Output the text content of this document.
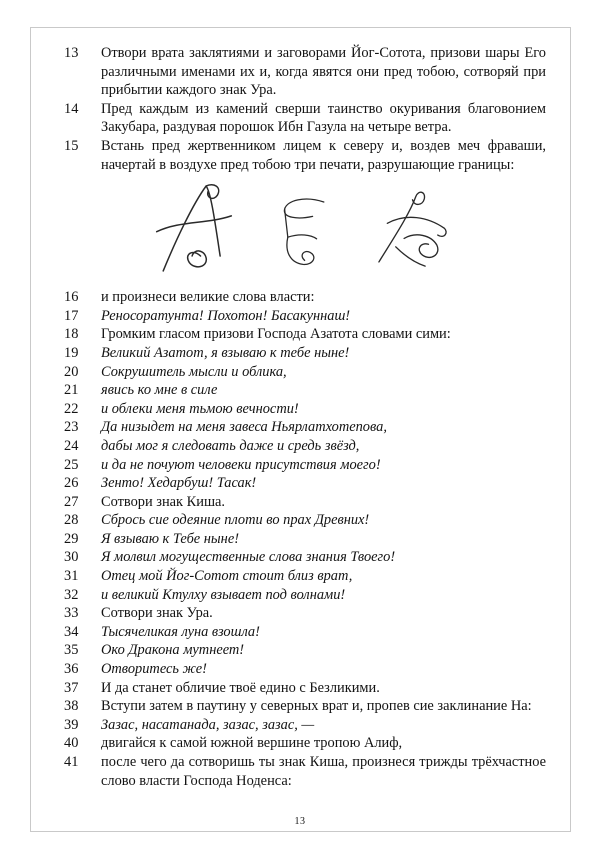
13	Отвори врата заклятиями и заговорами Йог-Сотота, призови шары Его различными именами их и, когда явятся они пред тобою, сотворяй при прибытии каждого знак Ура.
14	Пред каждым из камений сверши таинство окуривания благовонием Закубара, раздувая порошок Ибн Газула на четыре ветра.
15	Встань пред жертвенником лицем к северу и, воздев меч фраваши, начертай в воздухе пред тобою три печати, разрушающие границы:
16	и произнеси великие слова власти:
17	Реносоратунта! Похотон! Басакуннаш!
18	Громким гласом призови Господа Азатота словами сими:
19	Великий Азатот, я взываю к тебе ныне!
20	Сокрушитель мысли и облика,
21	явись ко мне в силе
22	и облеки меня тьмою вечности!
23	Да низыдет на меня завеса Ньярлатхотепова,
24	дабы мог я следовать даже и средь звёзд,
25	и да не почуют человеки присутствия моего!
26	Зенто! Хедарбуш! Тасак!
27	Сотвори знак Киша.
28	Сбрось сие одеяние плоти во прах Древних!
29	Я взываю к Тебе ныне!
30	Я молвил могущественные слова знания Твоего!
31	Отец мой Йог-Сотот стоит близ врат,
32	и великий Ктулху взывает под волнами!
33	Сотвори знак Ура.
34	Тысячеликая луна взошла!
35	Око Дракона мутнеет!
36	Отворитесь же!
37	И да станет обличие твоё едино с Безликими.
38	Вступи затем в паутину у северных врат и, пропев сие заклинание На:
39	Зазас, насатанада, зазас, зазас, —
40	двигайся к самой южной вершине тропою Алиф,
41	после чего да сотворишь ты знак Киша, произнеся трижды трёхчастное слово власти Господа Ноденса:
13
